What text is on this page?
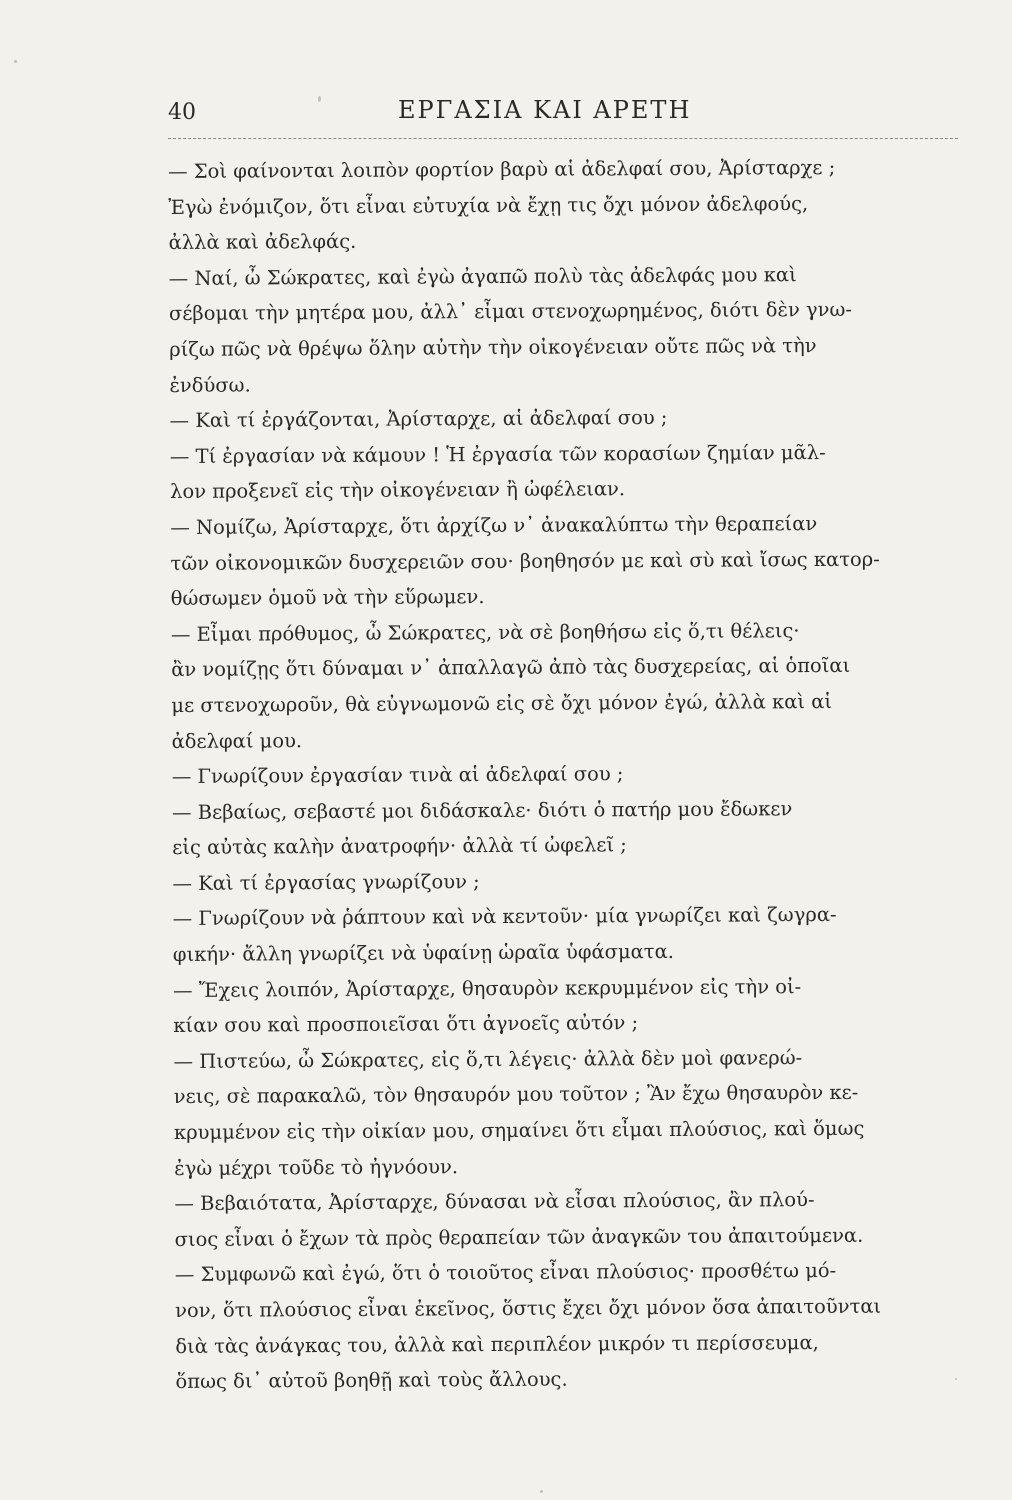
40	ΕΡΓΑΣΙΑ ΚΑΙ ΑΡΕΤΗ
— Σοὶ φαίνονται λοιπὸν φορτίον βαρὺ αἱ ἀδελφαί σου, Ἀρίσταρχε ;
Ἐγὼ ἐνόμιζον, ὅτι εἶναι εὐτυχία νὰ ἔχῃ τις ὄχι μόνον ἀδελφούς,
ἀλλὰ καὶ ἀδελφάς.
— Ναί, ὦ Σώκρατες, καὶ ἐγὼ ἀγαπῶ πολὺ τὰς ἀδελφάς μου καὶ
σέβομαι τὴν μητέρα μου, ἀλλ᾽ εἶμαι στενοχωρημένος, διότι δὲν γνω-
ρίζω πῶς νὰ θρέψω ὅλην αὐτὴν τὴν οἰκογένειαν οὔτε πῶς νὰ τὴν
ἐνδύσω.
— Καὶ τί ἐργάζονται, Ἀρίσταρχε, αἱ ἀδελφαί σου ;
— Τί ἐργασίαν νὰ κάμουν ! Ἡ ἐργασία τῶν κορασίων ζημίαν μᾶλ-
λον προξενεῖ εἰς τὴν οἰκογένειαν ἢ ὠφέλειαν.
— Νομίζω, Ἀρίσταρχε, ὅτι ἀρχίζω ν᾽ ἀνακαλύπτω τὴν θεραπείαν
τῶν οἰκονομικῶν δυσχερειῶν σου· βοηθησόν με καὶ σὺ καὶ ἴσως κατορ-
θώσωμεν ὁμοῦ νὰ τὴν εὕρωμεν.
— Εἶμαι πρόθυμος, ὦ Σώκρατες, νὰ σὲ βοηθήσω εἰς ὅ,τι θέλεις·
ἂν νομίζῃς ὅτι δύναμαι ν᾽ ἀπαλλαγῶ ἀπὸ τὰς δυσχερείας, αἱ ὁποῖαι
με στενοχωροῦν, θὰ εὐγνωμονῶ εἰς σὲ ὄχι μόνον ἐγώ, ἀλλὰ καὶ αἱ
ἀδελφαί μου.
— Γνωρίζουν ἐργασίαν τινὰ αἱ ἀδελφαί σου ;
— Βεβαίως, σεβαστέ μοι διδάσκαλε· διότι ὁ πατήρ μου ἔδωκεν
εἰς αὐτὰς καλὴν ἀνατροφήν· ἀλλὰ τί ὠφελεῖ ;
— Καὶ τί ἐργασίας γνωρίζουν ;
— Γνωρίζουν νὰ ῥάπτουν καὶ νὰ κεντοῦν· μία γνωρίζει καὶ ζωγρα-
φικήν· ἄλλη γνωρίζει νὰ ὑφαίνῃ ὡραῖα ὑφάσματα.
— Ἔχεις λοιπόν, Ἀρίσταρχε, θησαυρὸν κεκρυμμένον εἰς τὴν οἰ-
κίαν σου καὶ προσποιεῖσαι ὅτι ἀγνοεῖς αὐτόν ;
— Πιστεύω, ὦ Σώκρατες, εἰς ὅ,τι λέγεις· ἀλλὰ δὲν μοὶ φανερώ-
νεις, σὲ παρακαλῶ, τὸν θησαυρόν μου τοῦτον ; Ἂν ἔχω θησαυρὸν κε-
κρυμμένον εἰς τὴν οἰκίαν μου, σημαίνει ὅτι εἶμαι πλούσιος, καὶ ὅμως
ἐγὼ μέχρι τοῦδε τὸ ἠγνόουν.
— Βεβαιότατα, Ἀρίσταρχε, δύνασαι νὰ εἶσαι πλούσιος, ἂν πλού-
σιος εἶναι ὁ ἔχων τὰ πρὸς θεραπείαν τῶν ἀναγκῶν του ἀπαιτούμενα.
— Συμφωνῶ καὶ ἐγώ, ὅτι ὁ τοιοῦτος εἶναι πλούσιος· προσθέτω μό-
νον, ὅτι πλούσιος εἶναι ἐκεῖνος, ὅστις ἔχει ὄχι μόνον ὅσα ἀπαιτοῦνται
διὰ τὰς ἀνάγκας του, ἀλλὰ καὶ περιπλέον μικρόν τι περίσσευμα,
ὅπως δι᾽ αὐτοῦ βοηθῇ καὶ τοὺς ἄλλους.
